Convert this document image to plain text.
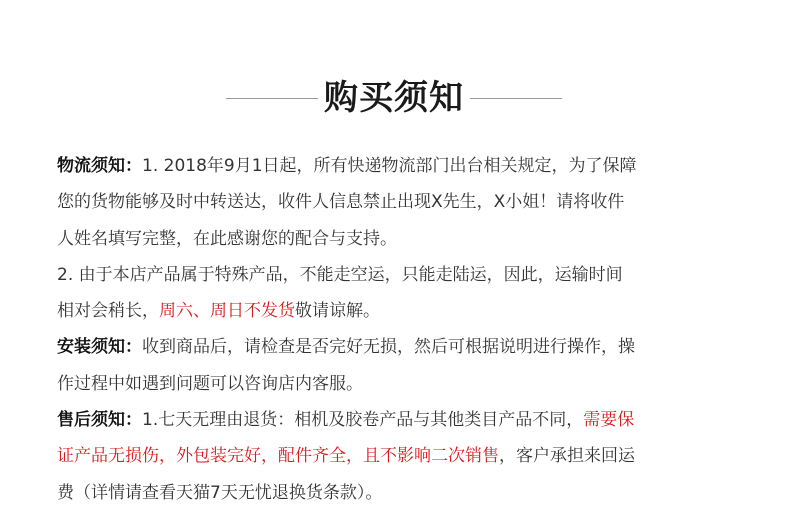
购买须知

物流须知：1. 2018年9月1日起，所有快递物流部门出台相关规定，为了保障
您的货物能够及时中转送达，收件人信息禁止出现X先生，X小姐！请将收件
人姓名填写完整，在此感谢您的配合与支持。
2. 由于本店产品属于特殊产品，不能走空运，只能走陆运，因此，运输时间
相对会稍长，周六、周日不发货敬请谅解。

安装须知：收到商品后，请检查是否完好无损，然后可根据说明进行操作，操
作过程中如遇到问题可以咨询店内客服。

售后须知：1.七天无理由退货：相机及胶卷产品与其他类目产品不同，需要保
证产品无损伤，外包装完好，配件齐全，且不影响二次销售，客户承担来回运
费（详情请查看天猫7天无忧退换货条款）。
